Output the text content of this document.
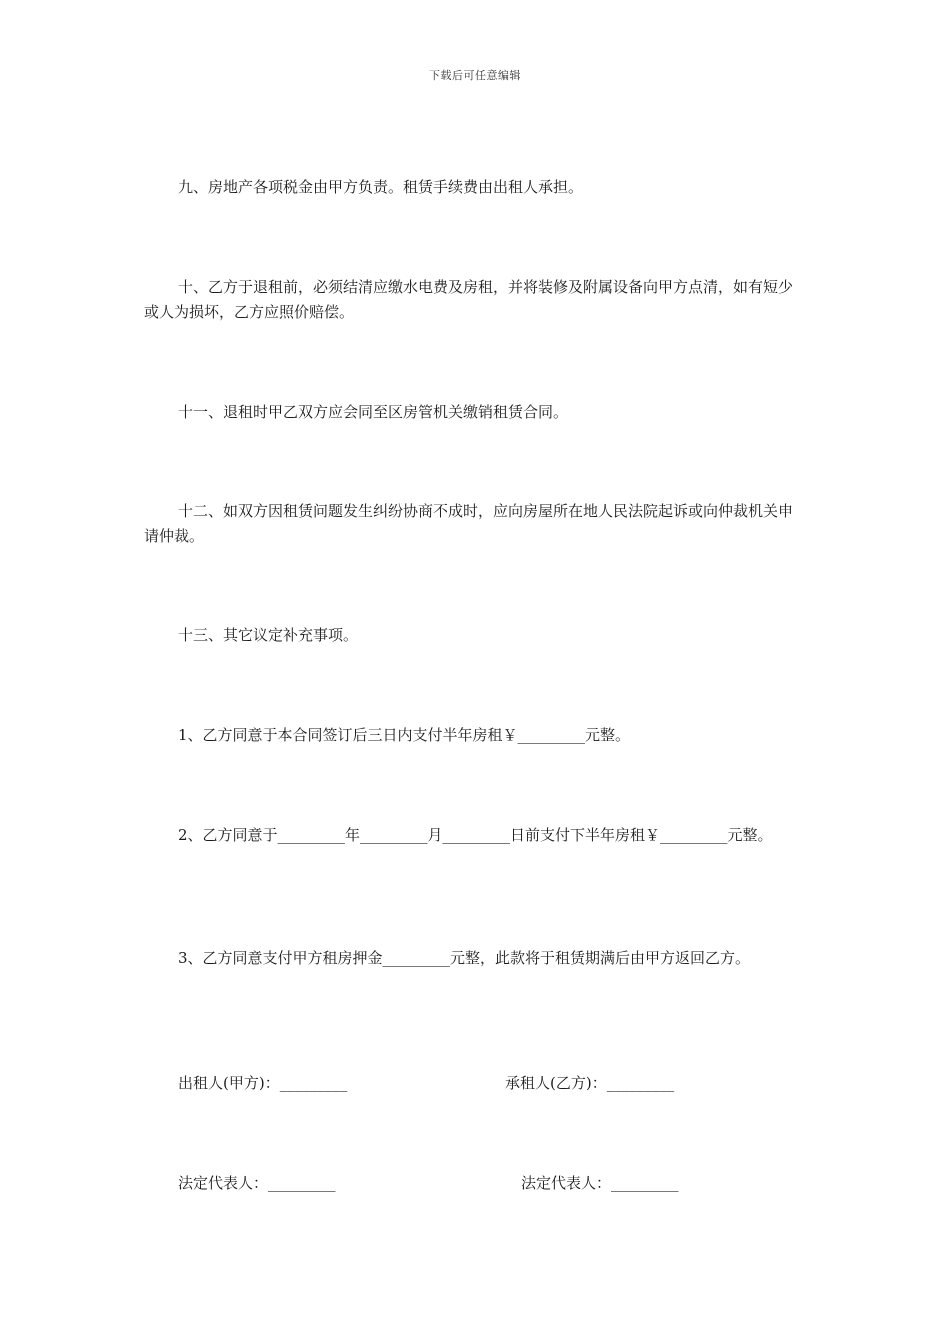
下载后可任意编辑

九、房地产各项税金由甲方负责。租赁手续费由出租人承担。

十、乙方于退租前，必须结清应缴水电费及房租，并将装修及附属设备向甲方点清，如有短少或人为损坏，乙方应照价赔偿。

十一、退租时甲乙双方应会同至区房管机关缴销租赁合同。

十二、如双方因租赁问题发生纠纷协商不成时，应向房屋所在地人民法院起诉或向仲裁机关申请仲裁。

十三、其它议定补充事项。

1、乙方同意于本合同签订后三日内支付半年房租￥_________元整。

2、乙方同意于_________年_________月_________日前支付下半年房租￥_________元整。

3、乙方同意支付甲方租房押金_________元整，此款将于租赁期满后由甲方返回乙方。

出租人(甲方)：_________	承租人(乙方)：_________
法定代表人：_________	法定代表人：_________
